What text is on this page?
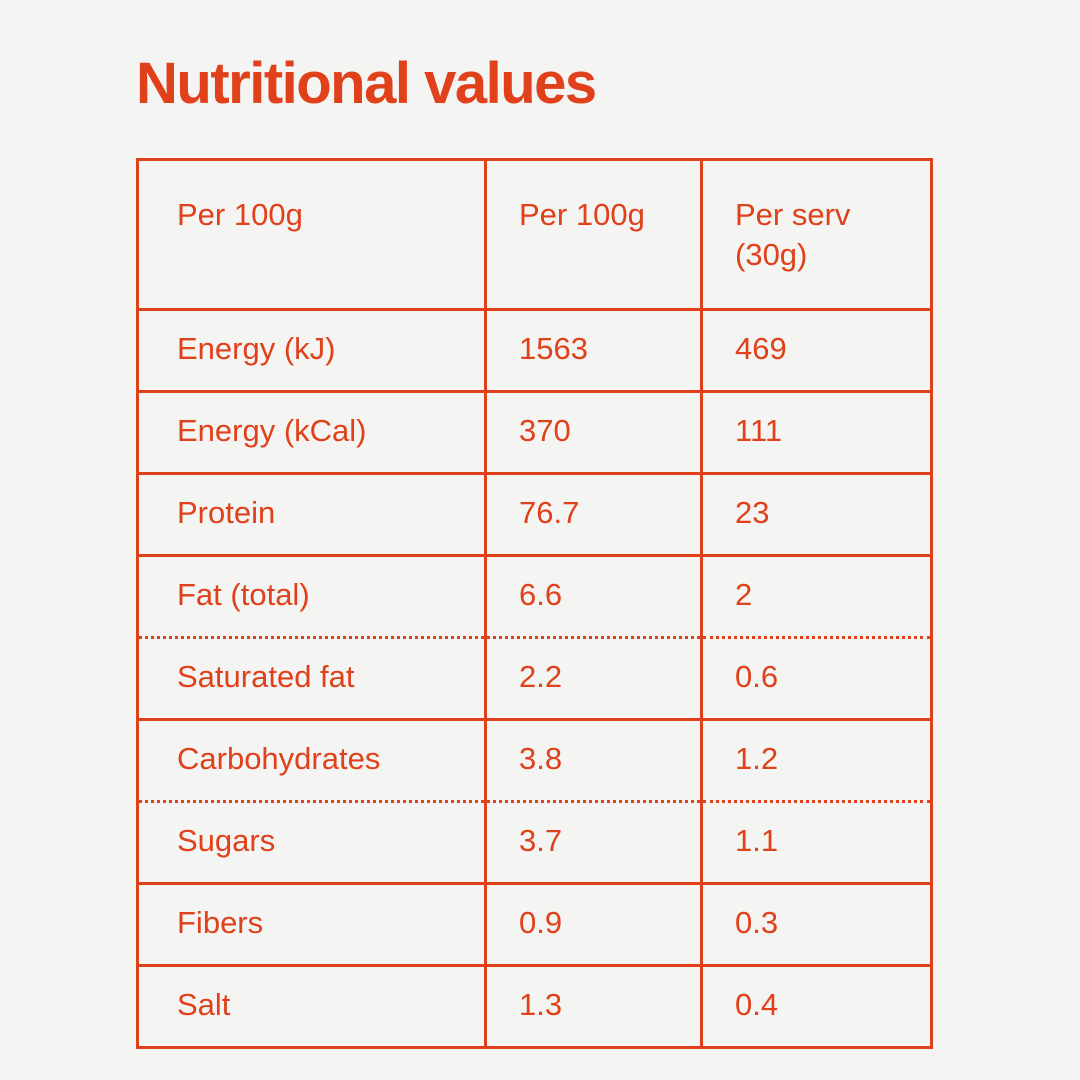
Nutritional values
Per 100g	Per 100g	Per serv (30g)
Energy (kJ)	1563	469
Energy (kCal)	370	111
Protein	76.7	23
Fat (total)	6.6	2
Saturated fat	2.2	0.6
Carbohydrates	3.8	1.2
Sugars	3.7	1.1
Fibers	0.9	0.3
Salt	1.3	0.4
